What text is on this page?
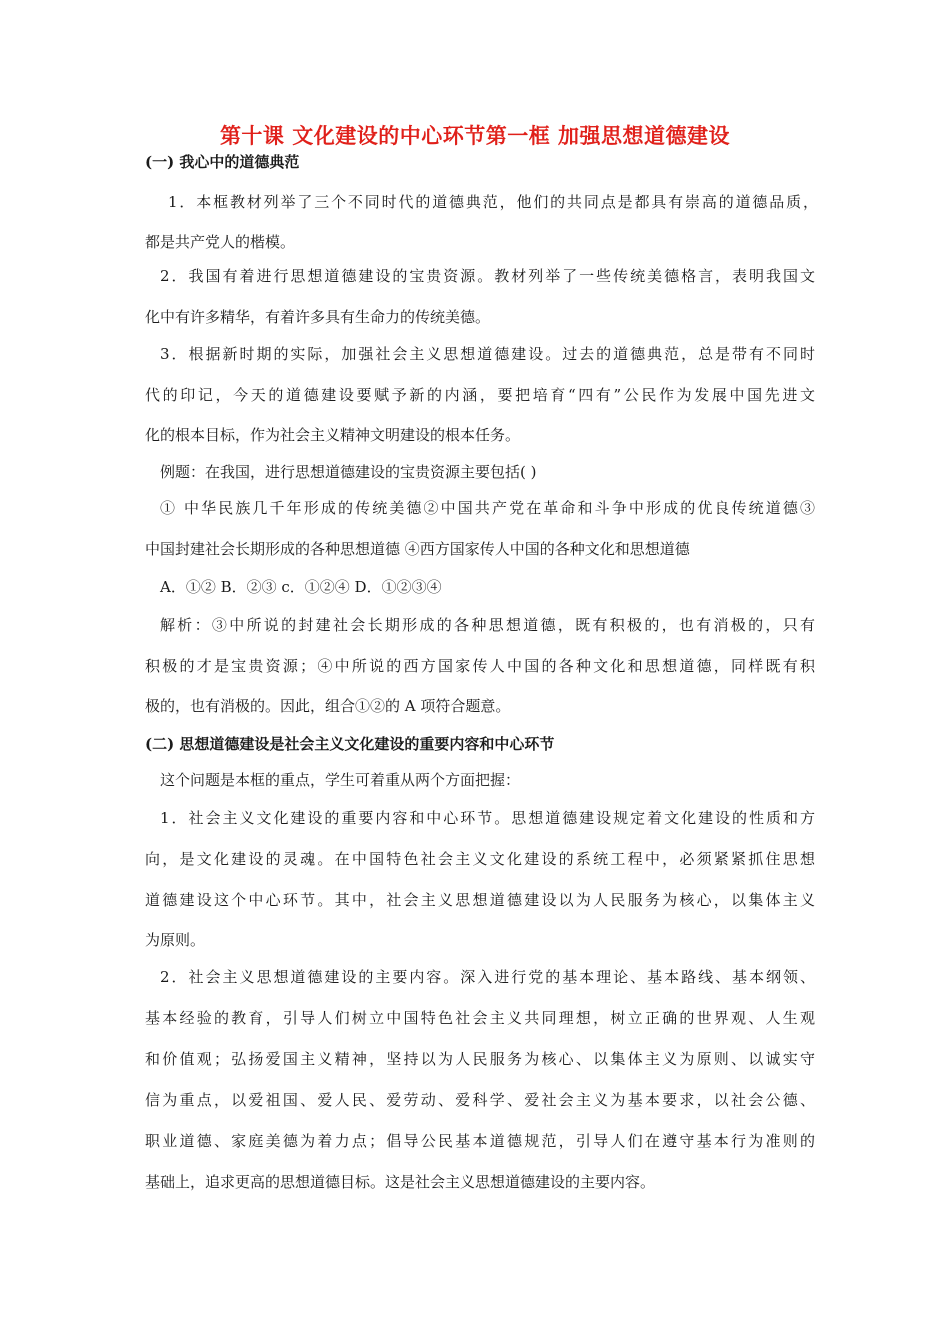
第十课 文化建设的中心环节第一框 加强思想道德建设
(一) 我心中的道德典范
1．本框教材列举了三个不同时代的道德典范，他们的共同点是都具有崇高的道德品质，
都是共产党人的楷模。
2．我国有着进行思想道德建设的宝贵资源。教材列举了一些传统美德格言，表明我国文
化中有许多精华，有着许多具有生命力的传统美德。
3．根据新时期的实际，加强社会主义思想道德建设。过去的道德典范，总是带有不同时
代的印记，今天的道德建设要赋予新的内涵，要把培育“四有”公民作为发展中国先进文
化的根本目标，作为社会主义精神文明建设的根本任务。
例题：在我国，进行思想道德建设的宝贵资源主要包括( )
① 中华民族几千年形成的传统美德②中国共产党在革命和斗争中形成的优良传统道德③
中国封建社会长期形成的各种思想道德 ④西方国家传人中国的各种文化和思想道德
A．①② B．②③ c．①②④ D．①②③④
解析：③中所说的封建社会长期形成的各种思想道德，既有积极的，也有消极的，只有
积极的才是宝贵资源；④中所说的西方国家传人中国的各种文化和思想道德，同样既有积
极的，也有消极的。因此，组合①②的 A 项符合题意。
(二) 思想道德建设是社会主义文化建设的重要内容和中心环节
这个问题是本框的重点，学生可着重从两个方面把握：
1．社会主义文化建设的重要内容和中心环节。思想道德建设规定着文化建设的性质和方
向，是文化建设的灵魂。在中国特色社会主义文化建设的系统工程中，必须紧紧抓住思想
道德建设这个中心环节。其中，社会主义思想道德建设以为人民服务为核心，以集体主义
为原则。
2．社会主义思想道德建设的主要内容。深入进行党的基本理论、基本路线、基本纲领、
基本经验的教育，引导人们树立中国特色社会主义共同理想，树立正确的世界观、人生观
和价值观；弘扬爱国主义精神，坚持以为人民服务为核心、以集体主义为原则、以诚实守
信为重点，以爱祖国、爱人民、爱劳动、爱科学、爱社会主义为基本要求，以社会公德、
职业道德、家庭美德为着力点；倡导公民基本道德规范，引导人们在遵守基本行为准则的
基础上，追求更高的思想道德目标。这是社会主义思想道德建设的主要内容。
